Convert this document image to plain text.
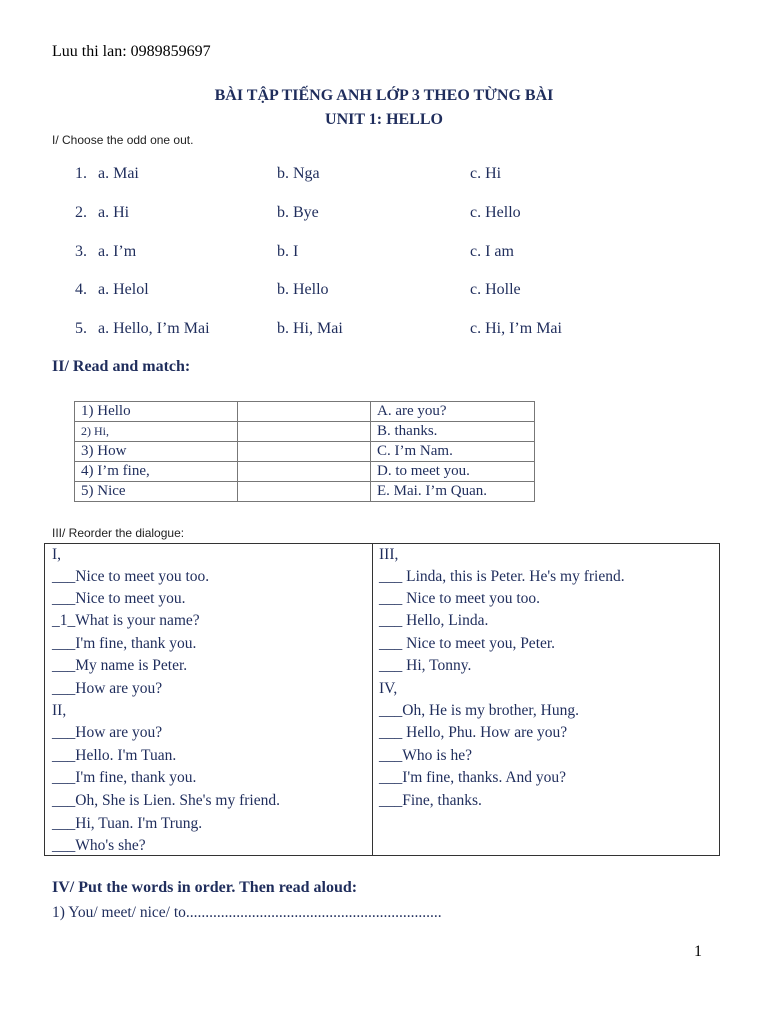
Luu thi lan: 0989859697
BÀI TẬP TIẾNG ANH LỚP 3 THEO TỪNG BÀI
UNIT 1: HELLO
I/ Choose the odd one out.
1. a. Mai	b. Nga	c. Hi
2. a. Hi	b. Bye	c. Hello
3. a. I’m	b. I	c. I am
4. a. Helol	b. Hello	c. Holle
5. a. Hello, I’m Mai	b. Hi, Mai	c. Hi, I’m Mai
II/ Read and match:
1) Hello		A. are you?
2) Hi,		B. thanks.
3) How		C. I’m Nam.
4) I’m fine,		D. to meet you.
5) Nice		E. Mai. I’m Quan.
III/ Reorder the dialogue:
I,
___Nice to meet you too.
___Nice to meet you.
_1_What is your name?
___I'm fine, thank you.
___My name is Peter.
___How are you?
II,
___How are you?
___Hello. I'm Tuan.
___I'm fine, thank you.
___Oh, She is Lien. She's my friend.
___Hi, Tuan. I'm Trung.
___Who's she?
III,
___ Linda, this is Peter. He's my friend.
___ Nice to meet you too.
___ Hello, Linda.
___ Nice to meet you, Peter.
___ Hi, Tonny.
IV,
___Oh, He is my brother, Hung.
___ Hello, Phu. How are you?
___Who is he?
___I'm fine, thanks. And you?
___Fine, thanks.
IV/ Put the words in order. Then read aloud:
1) You/ meet/ nice/ to..................................................................
1
